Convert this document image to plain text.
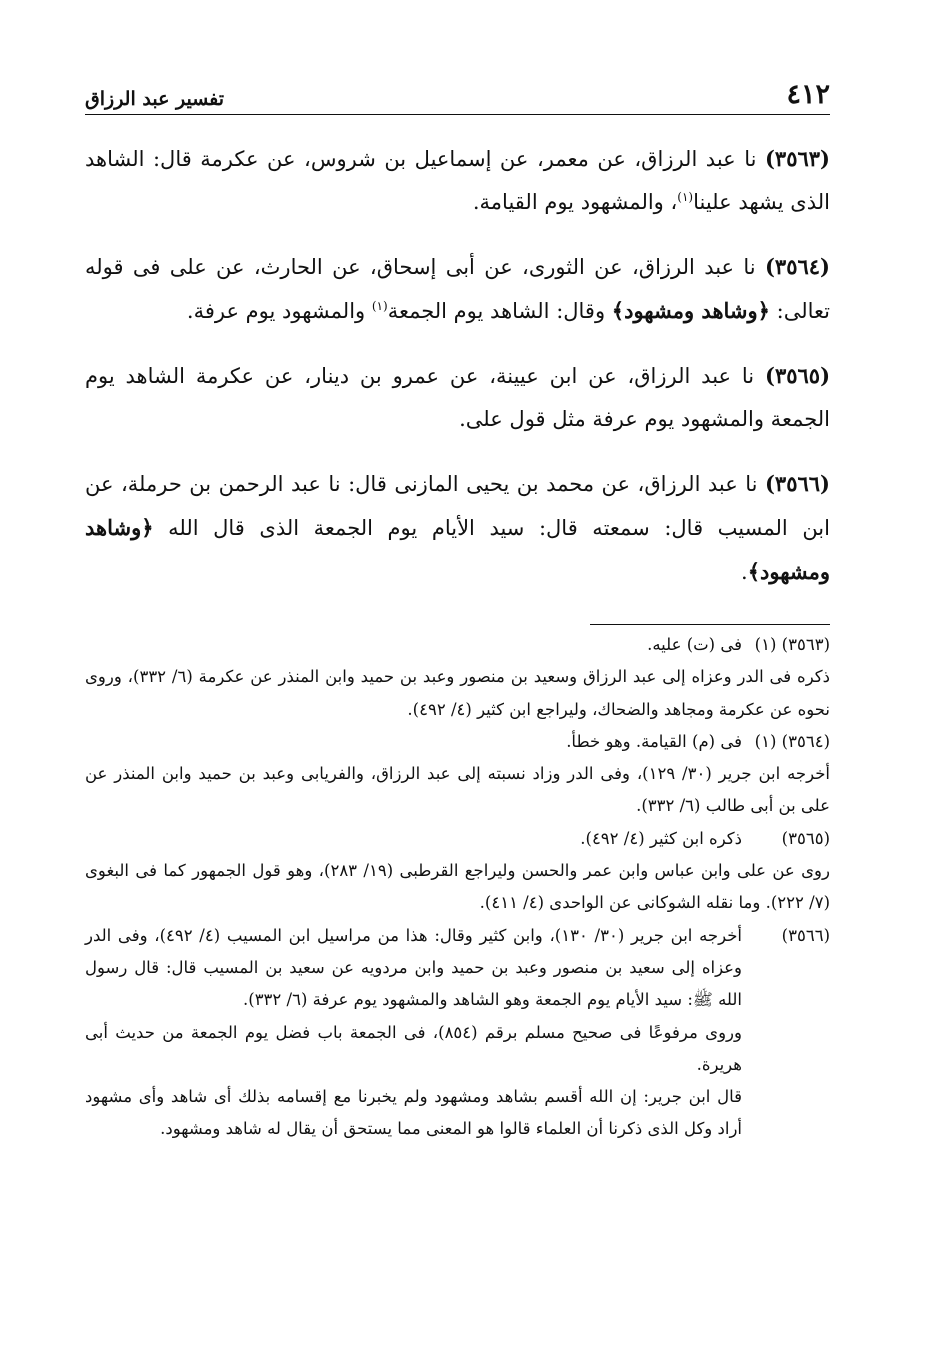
٤١٢
تفسير عبد الرزاق

(٣٥٦٣) نا عبد الرزاق، عن معمر، عن إسماعيل بن شروس، عن عكرمة قال: الشاهد الذى يشهد علينا$^{(١)}$، والمشهود يوم القيامة.

(٣٥٦٤) نا عبد الرزاق، عن الثورى، عن أبى إسحاق، عن الحارث، عن على فى قوله تعالى: ﴿وشاهد ومشهود﴾ وقال: الشاهد يوم الجمعة$^{(١)}$ والمشهود يوم عرفة.

(٣٥٦٥) نا عبد الرزاق، عن ابن عيينة، عن عمرو بن دينار، عن عكرمة الشاهد يوم الجمعة والمشهود يوم عرفة مثل قول على.

(٣٥٦٦) نا عبد الرزاق، عن محمد بن يحيى المازنى قال: نا عبد الرحمن بن حرملة، عن ابن المسيب قال: سمعته قال: سيد الأيام يوم الجمعة الذى قال الله ﴿وشاهد ومشهود﴾.

(٣٥٦٣) (١)
فى (ت) عليه.
ذكره فى الدر وعزاه إلى عبد الرزاق وسعيد بن منصور وعبد بن حميد وابن المنذر عن عكرمة (٦/ ٣٣٢)، وروى نحوه عن عكرمة ومجاهد والضحاك، وليراجع ابن كثير (٤/ ٤٩٢).
(٣٥٦٤) (١)
فى (م) القيامة. وهو خطأ.
أخرجه ابن جرير (٣٠/ ١٢٩)، وفى الدر وزاد نسبته إلى عبد الرزاق، والفريابى وعبد بن حميد وابن المنذر عن على بن أبى طالب (٦/ ٣٣٢).
(٣٥٦٥)
ذكره ابن كثير (٤/ ٤٩٢).
روى عن على وابن عباس وابن عمر والحسن وليراجع القرطبى (١٩/ ٢٨٣)، وهو قول الجمهور كما فى البغوى (٧/ ٢٢٢). وما نقله الشوكانى عن الواحدى (٤/ ٤١١).
(٣٥٦٦)
أخرجه ابن جرير (٣٠/ ١٣٠)، وابن كثير وقال: هذا من مراسيل ابن المسيب (٤/ ٤٩٢)، وفى الدر وعزاه إلى سعيد بن منصور وعبد بن حميد وابن مردويه عن سعيد بن المسيب قال: قال رسول الله ﷺ: سيد الأيام يوم الجمعة وهو الشاهد والمشهود يوم عرفة (٦/ ٣٣٢).
وروى مرفوعًا فى صحيح مسلم برقم (٨٥٤)، فى الجمعة باب فضل يوم الجمعة من حديث أبى هريرة.
قال ابن جرير: إن الله أقسم بشاهد ومشهود ولم يخبرنا مع إقسامه بذلك أى شاهد وأى مشهود أراد وكل الذى ذكرنا أن العلماء قالوا هو المعنى مما يستحق أن يقال له شاهد ومشهود.
